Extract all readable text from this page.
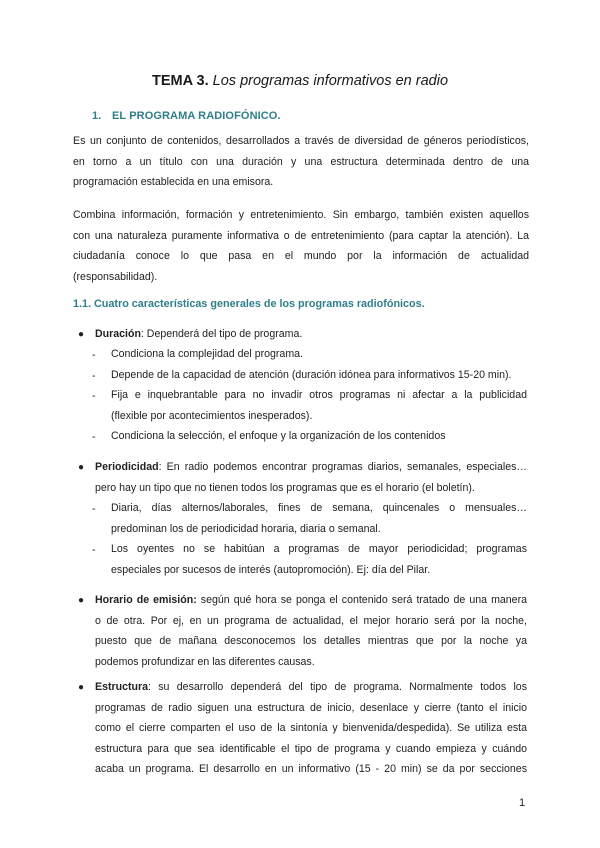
TEMA 3. Los programas informativos en radio
1. EL PROGRAMA RADIOFÓNICO.
Es un conjunto de contenidos, desarrollados a través de diversidad de géneros periodísticos,
en torno a un título con una duración y una estructura determinada dentro de una
programación establecida en una emisora.
Combina información, formación y entretenimiento. Sin embargo, también existen aquellos
con una naturaleza puramente informativa o de entretenimiento (para captar la atención). La
ciudadanía conoce lo que pasa en el mundo por la información de actualidad
(responsabilidad).
1.1. Cuatro características generales de los programas radiofónicos.
● Duración: Dependerá del tipo de programa.
- Condiciona la complejidad del programa.
- Depende de la capacidad de atención (duración idónea para informativos 15-20 min).
- Fija e inquebrantable para no invadir otros programas ni afectar a la publicidad
(flexible por acontecimientos inesperados).
- Condiciona la selección, el enfoque y la organización de los contenidos
● Periodicidad: En radio podemos encontrar programas diarios, semanales, especiales…
pero hay un tipo que no tienen todos los programas que es el horario (el boletín).
- Diaria, días alternos/laborales, fines de semana, quincenales o mensuales…
predominan los de periodicidad horaria, diaria o semanal.
- Los oyentes no se habitúan a programas de mayor periodicidad; programas
especiales por sucesos de interés (autopromoción). Ej: día del Pilar.
● Horario de emisión: según qué hora se ponga el contenido será tratado de una manera
o de otra. Por ej, en un programa de actualidad, el mejor horario será por la noche,
puesto que de mañana desconocemos los detalles mientras que por la noche ya
podemos profundizar en las diferentes causas.
● Estructura: su desarrollo dependerá del tipo de programa. Normalmente todos los
programas de radio siguen una estructura de inicio, desenlace y cierre (tanto el inicio
como el cierre comparten el uso de la sintonía y bienvenida/despedida). Se utiliza esta
estructura para que sea identificable el tipo de programa y cuando empieza y cuándo
acaba un programa. El desarrollo en un informativo (15 - 20 min) se da por secciones
1
